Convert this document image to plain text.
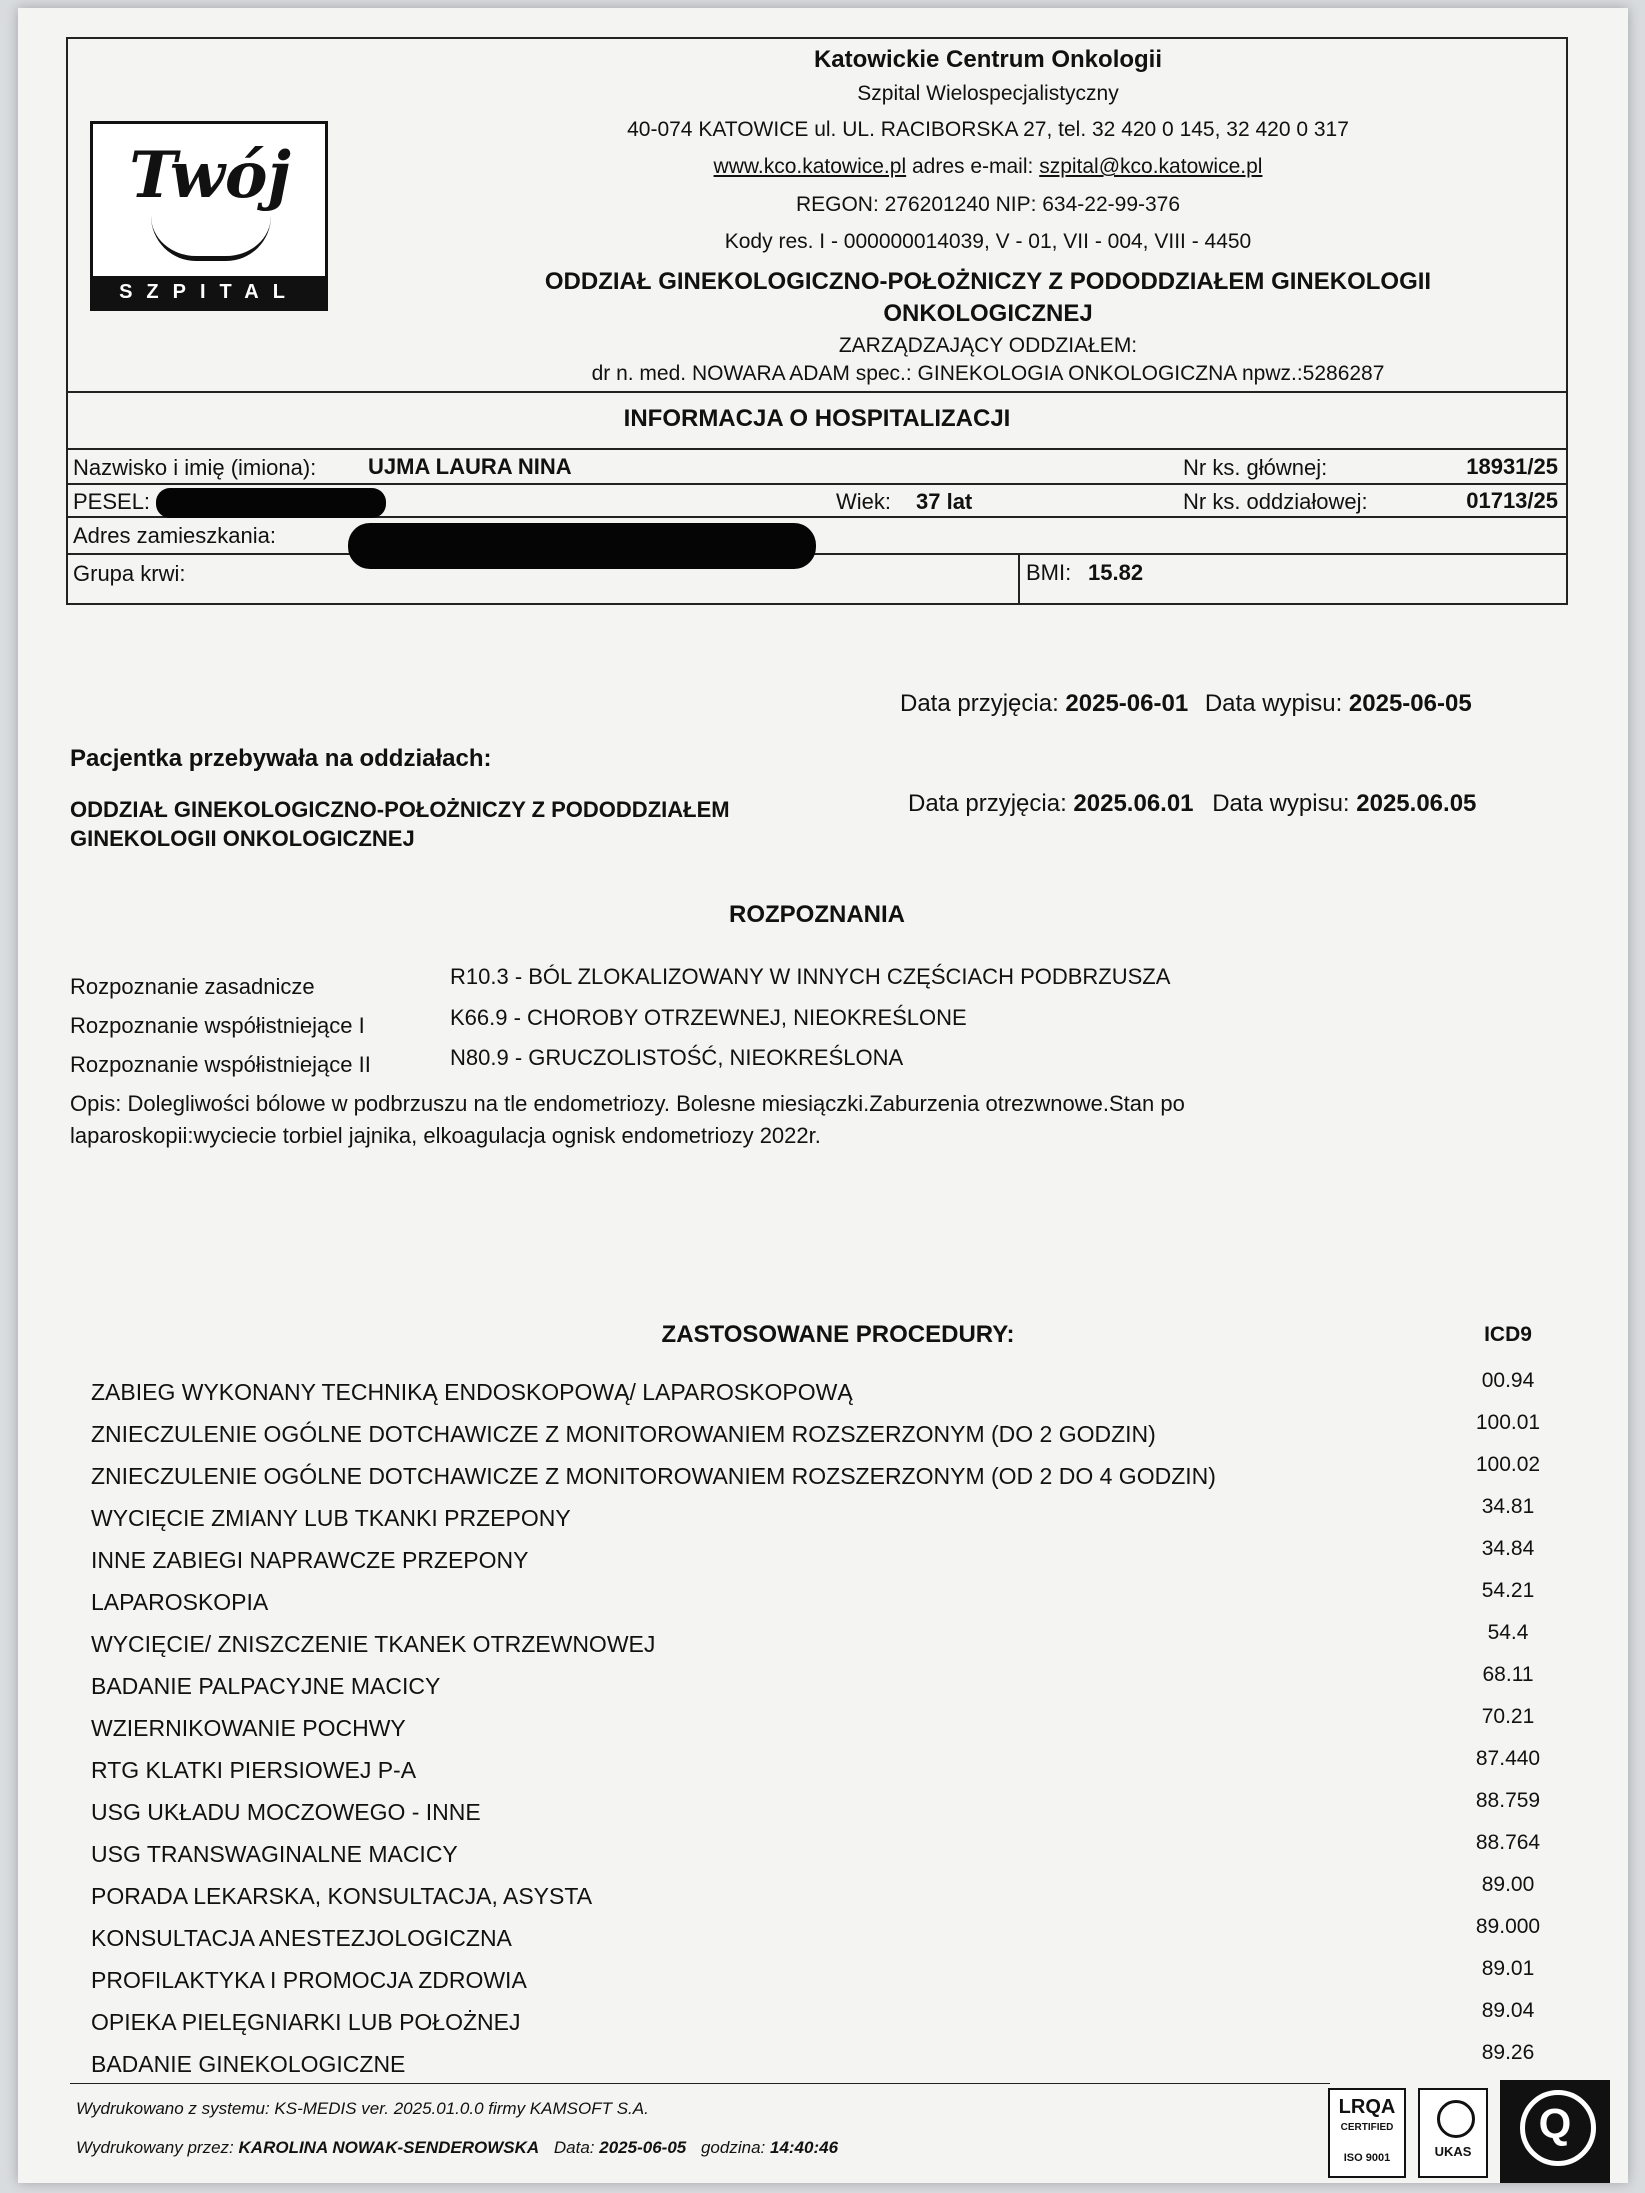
Twój
SZPITAL
Katowickie Centrum Onkologii
Szpital Wielospecjalistyczny
40-074 KATOWICE ul. UL. RACIBORSKA 27, tel. 32 420 0 145, 32 420 0 317
www.kco.katowice.pl adres e-mail: szpital@kco.katowice.pl
REGON: 276201240 NIP: 634-22-99-376
Kody res. I - 000000014039, V - 01, VII - 004, VIII - 4450
ODDZIAŁ GINEKOLOGICZNO-POŁOŻNICZY Z PODODDZIAŁEM GINEKOLOGII
ONKOLOGICZNEJ
ZARZĄDZAJĄCY ODDZIAŁEM:
dr n. med. NOWARA ADAM spec.: GINEKOLOGIA ONKOLOGICZNA npwz.:5286287
INFORMACJA O HOSPITALIZACJI
Nazwisko i imię (imiona): UJMA LAURA NINA	Nr ks. głównej:	18931/25
PESEL:	Wiek: 37 lat	Nr ks. oddziałowej:	01713/25
Adres zamieszkania:
Grupa krwi:	BMI: 15.82
Data przyjęcia: 2025-06-01 Data wypisu: 2025-06-05
Pacjentka przebywała na oddziałach:
ODDZIAŁ GINEKOLOGICZNO-POŁOŻNICZY Z PODODDZIAŁEM
GINEKOLOGII ONKOLOGICZNEJ
Data przyjęcia: 2025.06.01 Data wypisu: 2025.06.05
ROZPOZNANIA
Rozpoznanie zasadnicze	R10.3 - BÓL ZLOKALIZOWANY W INNYCH CZĘŚCIACH PODBRZUSZA
Rozpoznanie współistniejące I	K66.9 - CHOROBY OTRZEWNEJ, NIEOKREŚLONE
Rozpoznanie współistniejące II	N80.9 - GRUCZOLISTOŚĆ, NIEOKREŚLONA
Opis: Dolegliwości bólowe w podbrzuszu na tle endometriozy. Bolesne miesiączki.Zaburzenia otrezwnowe.Stan po
laparoskopii:wyciecie torbiel jajnika, elkoagulacja ognisk endometriozy 2022r.
ZASTOSOWANE PROCEDURY:	ICD9
ZABIEG WYKONANY TECHNIKĄ ENDOSKOPOWĄ/ LAPAROSKOPOWĄ	00.94
ZNIECZULENIE OGÓLNE DOTCHAWICZE Z MONITOROWANIEM ROZSZERZONYM (DO 2 GODZIN)	100.01
ZNIECZULENIE OGÓLNE DOTCHAWICZE Z MONITOROWANIEM ROZSZERZONYM (OD 2 DO 4 GODZIN)	100.02
WYCIĘCIE ZMIANY LUB TKANKI PRZEPONY	34.81
INNE ZABIEGI NAPRAWCZE PRZEPONY	34.84
LAPAROSKOPIA	54.21
WYCIĘCIE/ ZNISZCZENIE TKANEK OTRZEWNOWEJ	54.4
BADANIE PALPACYJNE MACICY	68.11
WZIERNIKOWANIE POCHWY	70.21
RTG KLATKI PIERSIOWEJ P-A	87.440
USG UKŁADU MOCZOWEGO - INNE	88.759
USG TRANSWAGINALNE MACICY	88.764
PORADA LEKARSKA, KONSULTACJA, ASYSTA	89.00
KONSULTACJA ANESTEZJOLOGICZNA	89.000
PROFILAKTYKA I PROMOCJA ZDROWIA	89.01
OPIEKA PIELĘGNIARKI LUB POŁOŻNEJ	89.04
BADANIE GINEKOLOGICZNE	89.26
Wydrukowano z systemu: KS-MEDIS ver. 2025.01.0.0 firmy KAMSOFT S.A.
Wydrukowany przez: KAROLINA NOWAK-SENDEROWSKA Data: 2025-06-05 godzina: 14:40:46
LRQA
CERTIFIED
ISO 9001	UKAS
Q
